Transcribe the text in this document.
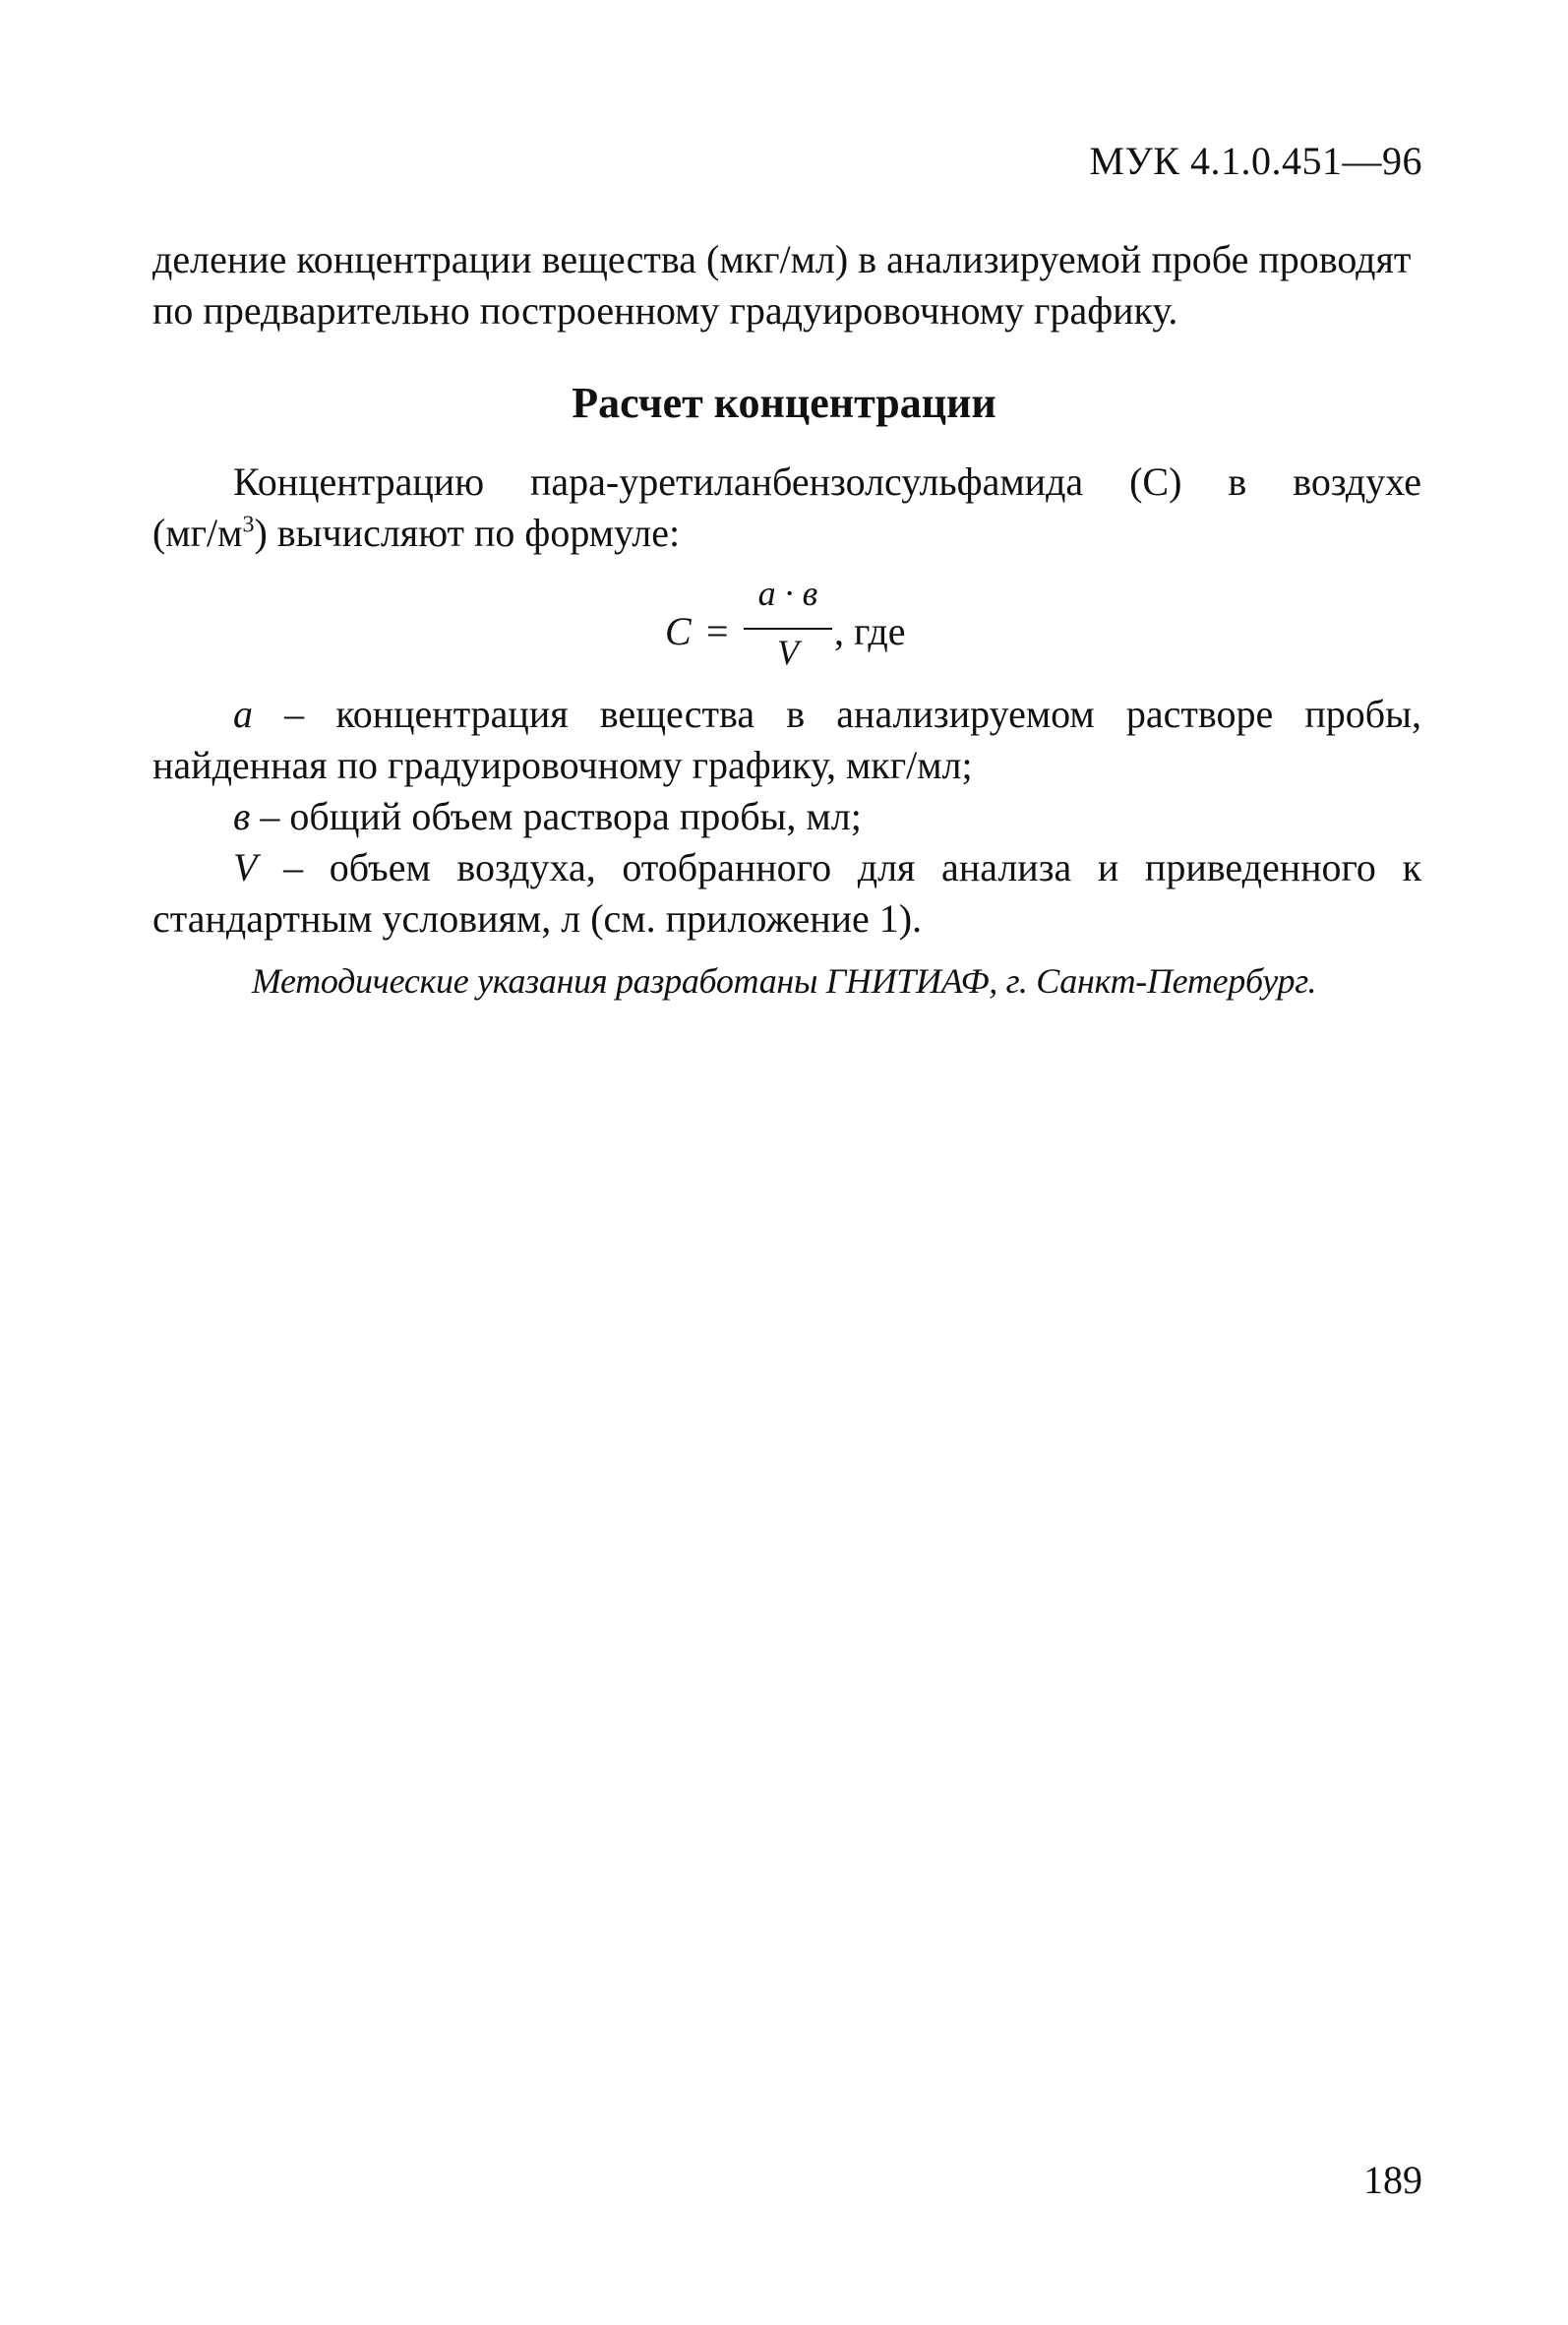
МУК 4.1.0.451—96
деление концентрации вещества (мкг/мл) в анализируемой пробе проводят по предварительно построенному градуировочному графику.
Расчет концентрации
Концентрацию пара-уретиланбензолсульфамида (С) в воздухе
$(мг/м^3)$ вычисляют по формуле:
С =
а · в
V , где
а – концентрация вещества в анализируемом растворе пробы, найденная по градуировочному графику, мкг/мл;
в – общий объем раствора пробы, мл;
V – объем воздуха, отобранного для анализа и приведенного к стандартным условиям, л (см. приложение 1).
Методические указания разработаны ГНИТИАФ, г. Санкт-Петербург.
189
